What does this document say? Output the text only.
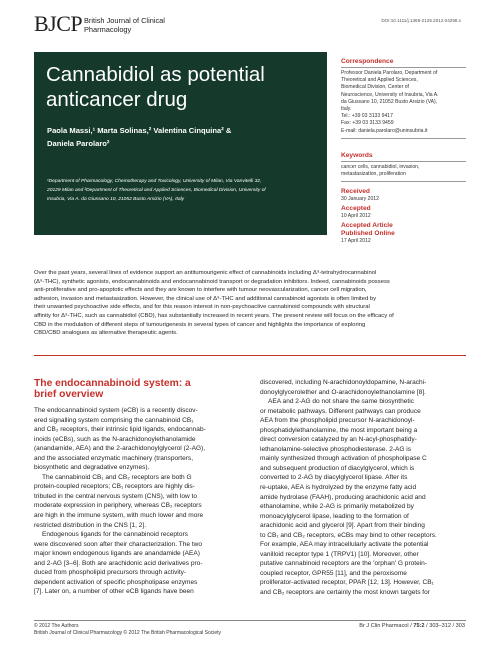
BJCP British Journal of Clinical
Pharmacology
DOI:10.1111/j.1365-2125.2012.04298.x
Cannabidiol as potential
anticancer drug
Paola Massi,¹ Marta Solinas,² Valentina Cinquina² &
Daniela Parolaro²
¹Department of Pharmacology, Chemotherapy and Toxicology, University of Milan, Via Vanvitelli 32,
20129 Milan and ²Department of Theoretical and Applied Sciences, Biomedical Division, University of
Insubria, Via A. da Giussano 10, 21052 Busto Arsizio (VA), Italy
Correspondence
Professor Daniela Parolaro, Department of
Theoretical and Applied Sciences,
Biomedical Division, Center of
Neuroscience, University of Insubria, Via A.
da Giussano 10, 21052 Busto Arsizio (VA),
Italy.
Tel.: +39 03 3133 9417
Fax: +39 03 3133 9459
E-mail: daniela.parolaro@uninsubria.it
Keywords
cancer cells, cannabidiol, invasion,
metastasization, proliferation
Received
30 January 2012
Accepted
10 April 2012
Accepted Article
Published Online
17 April 2012
Over the past years, several lines of evidence support an antitumourigenic effect of cannabinoids including Δ⁹-tetrahydrocannabinol
(Δ⁹-THC), synthetic agonists, endocannabinoids and endocannabinoid transport or degradation inhibitors. Indeed, cannabinoids possess
anti-proliferative and pro-apoptotic effects and they are known to interfere with tumour neovascularization, cancer cell migration,
adhesion, invasion and metastasization. However, the clinical use of Δ⁹-THC and additional cannabinoid agonists is often limited by
their unwanted psychoactive side effects, and for this reason interest in non-psychoactive cannabinoid compounds with structural
affinity for Δ⁹-THC, such as cannabidiol (CBD), has substantially increased in recent years. The present review will focus on the efficacy of
CBD in the modulation of different steps of tumourigenesis in several types of cancer and highlights the importance of exploring
CBD/CBD analogues as alternative therapeutic agents.
The endocannabinoid system: a
brief overview
The endocannabinoid system (eCB) is a recently discov-
ered signalling system comprising the cannabinoid CB₁
and CB₂ receptors, their intrinsic lipid ligands, endocannab-
inoids (eCBs), such as the N-arachidonoylethanolamide
(anandamide, AEA) and the 2-arachidonoylglycerol (2-AG),
and the associated enzymatic machinery (transporters,
biosynthetic and degradative enzymes).
The cannabinoid CB₁ and CB₂ receptors are both G
protein-coupled receptors; CB₁ receptors are highly dis-
tributed in the central nervous system (CNS), with low to
moderate expression in periphery, whereas CB₂ receptors
are high in the immune system, with much lower and more
restricted distribution in the CNS [1, 2].
Endogenous ligands for the cannabinoid receptors
were discovered soon after their characterization. The two
major known endogenous ligands are anandamide (AEA)
and 2-AG [3–6]. Both are arachidonic acid derivatives pro-
duced from phospholipid precursors through activity-
dependent activation of specific phospholipase enzymes
[7]. Later on, a number of other eCB ligands have been
discovered, including N-arachidonoyldopamine, N-arachi-
donoylglycerolether and O-arachidonoylethanolamine [8].
AEA and 2-AG do not share the same biosynthetic
or metabolic pathways. Different pathways can produce
AEA from the phospholipid precursor N-arachidonoyl-
phosphatidylethanolamine, the most important being a
direct conversion catalyzed by an N-acyl-phosphatidy-
lethanolamine-selective phosphodiesterase. 2-AG is
mainly synthesized through activation of phospholipase C
and subsequent production of diacylglycerol, which is
converted to 2-AG by diacylglycerol lipase. After its
re-uptake, AEA is hydrolyzed by the enzyme fatty acid
amide hydrolase (FAAH), producing arachidonic acid and
ethanolamine, while 2-AG is primarily metabolized by
monoacylglycerol lipase, leading to the formation of
arachidonic acid and glycerol [9]. Apart from their binding
to CB₁ and CB₂ receptors, eCBs may bind to other receptors.
For example, AEA may intracellularly activate the potential
vanilloid receptor type 1 (TRPV1) [10]. Moreover, other
putative cannabinoid receptors are the 'orphan' G protein-
coupled receptor, GPR55 [11], and the peroxisome
proliferator-activated receptor, PPAR [12, 13]. However, CB₁
and CB₂ receptors are certainly the most known targets for
© 2012 The Authors
British Journal of Clinical Pharmacology © 2012 The British Pharmacological Society
Br J Clin Pharmacol / 75:2 / 303–312 / 303
